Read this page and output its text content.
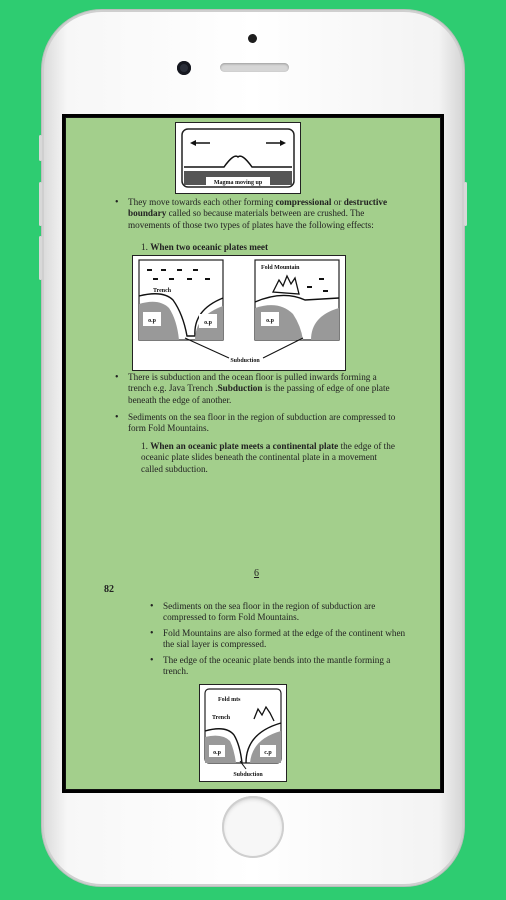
Magma moving up
• They move towards each other forming compressional or destructive boundary called so because materials between are crushed. The movements of those two types of plates have the following effects:
1. When two oceanic plates meet
o.p	o.p
Trench
Fold Mountain
o.p
Subduction
• There is subduction and the ocean floor is pulled inwards forming a trench e.g. Java Trench .Subduction is the passing of edge of one plate beneath the edge of another.
• Sediments on the sea floor in the region of subduction are compressed to form Fold Mountains.
1. When an oceanic plate meets a continental plate the edge of the oceanic plate slides beneath the continental plate in a movement called subduction.
6
82
• Sediments on the sea floor in the region of subduction are compressed to form Fold Mountains.
• Fold Mountains are also formed at the edge of the continent when the sial layer is compressed.
• The edge of the oceanic plate bends into the mantle forming a trench.
Fold mts
Trench
o.p	c.p
Subduction
